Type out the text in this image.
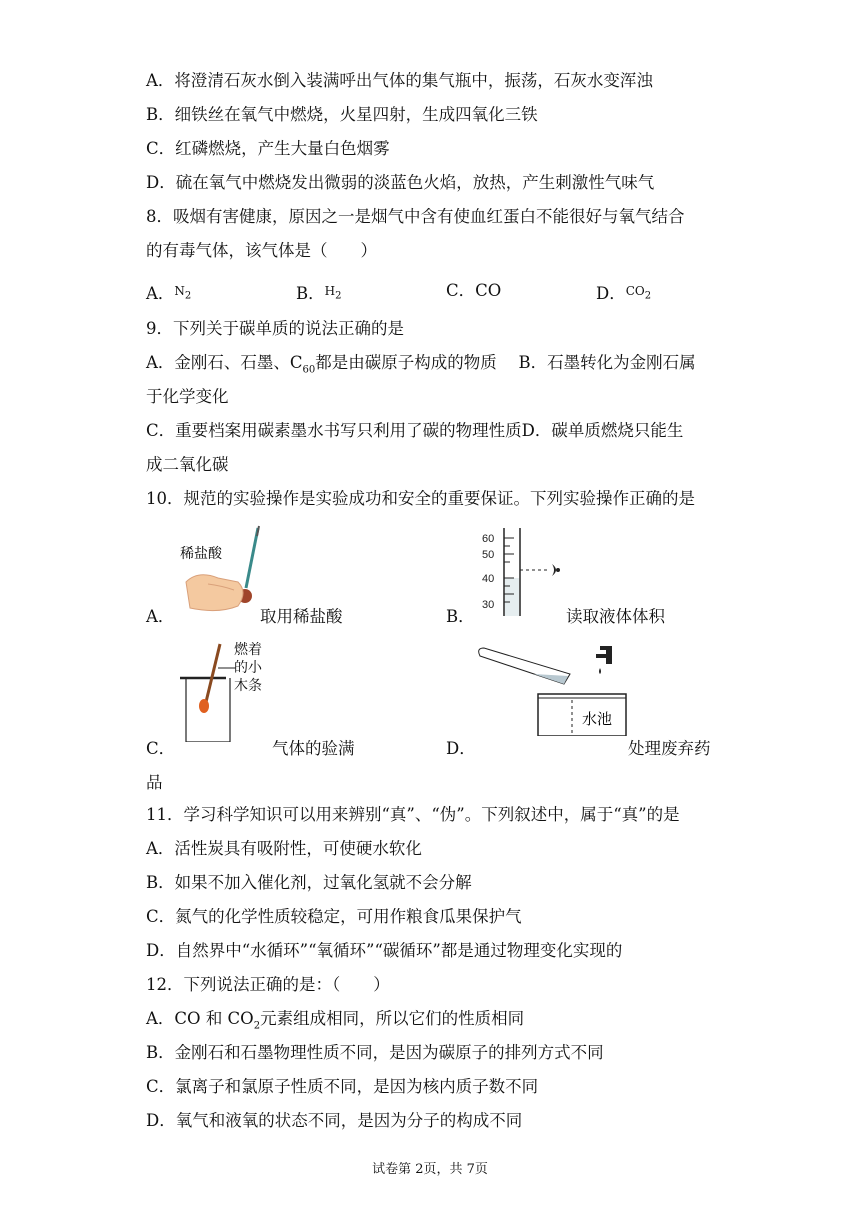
A．将澄清石灰水倒入装满呼出气体的集气瓶中，振荡，石灰水变浑浊
B．细铁丝在氧气中燃烧，火星四射，生成四氧化三铁
C．红磷燃烧，产生大量白色烟雾
D．硫在氧气中燃烧发出微弱的淡蓝色火焰，放热，产生刺激性气味气
8．吸烟有害健康，原因之一是烟气中含有使血红蛋白不能很好与氧气结合
的有毒气体，该气体是（　　）
A．$^{N_2}$	B．$^{H_2}$	C．CO	D．$^{CO_2}$
9．下列关于碳单质的说法正确的是
A．金刚石、石墨、$C_{60}$都是由碳原子构成的物质　 B．石墨转化为金刚石属
于化学变化
C．重要档案用碳素墨水书写只利用了碳的物理性质D．碳单质燃烧只能生
成二氧化碳
10．规范的实验操作是实验成功和安全的重要保证。下列实验操作正确的是
稀盐酸
A．	取用稀盐酸
60
50
40
30
B．	读取液体体积
燃着
的小
木条
C．	气体的验满
水池
D．	处理废弃药
品
11．学习科学知识可以用来辨别“真”、“伪”。下列叙述中，属于“真”的是
A．活性炭具有吸附性，可使硬水软化
B．如果不加入催化剂，过氧化氢就不会分解
C．氮气的化学性质较稳定，可用作粮食瓜果保护气
D．自然界中“水循环”“氧循环”“碳循环”都是通过物理变化实现的
12．下列说法正确的是：（　　）
A．CO 和 $CO_2$元素组成相同，所以它们的性质相同
B．金刚石和石墨物理性质不同，是因为碳原子的排列方式不同
C．氯离子和氯原子性质不同，是因为核内质子数不同
D．氧气和液氧的状态不同，是因为分子的构成不同
试卷第 2页，共 7页
